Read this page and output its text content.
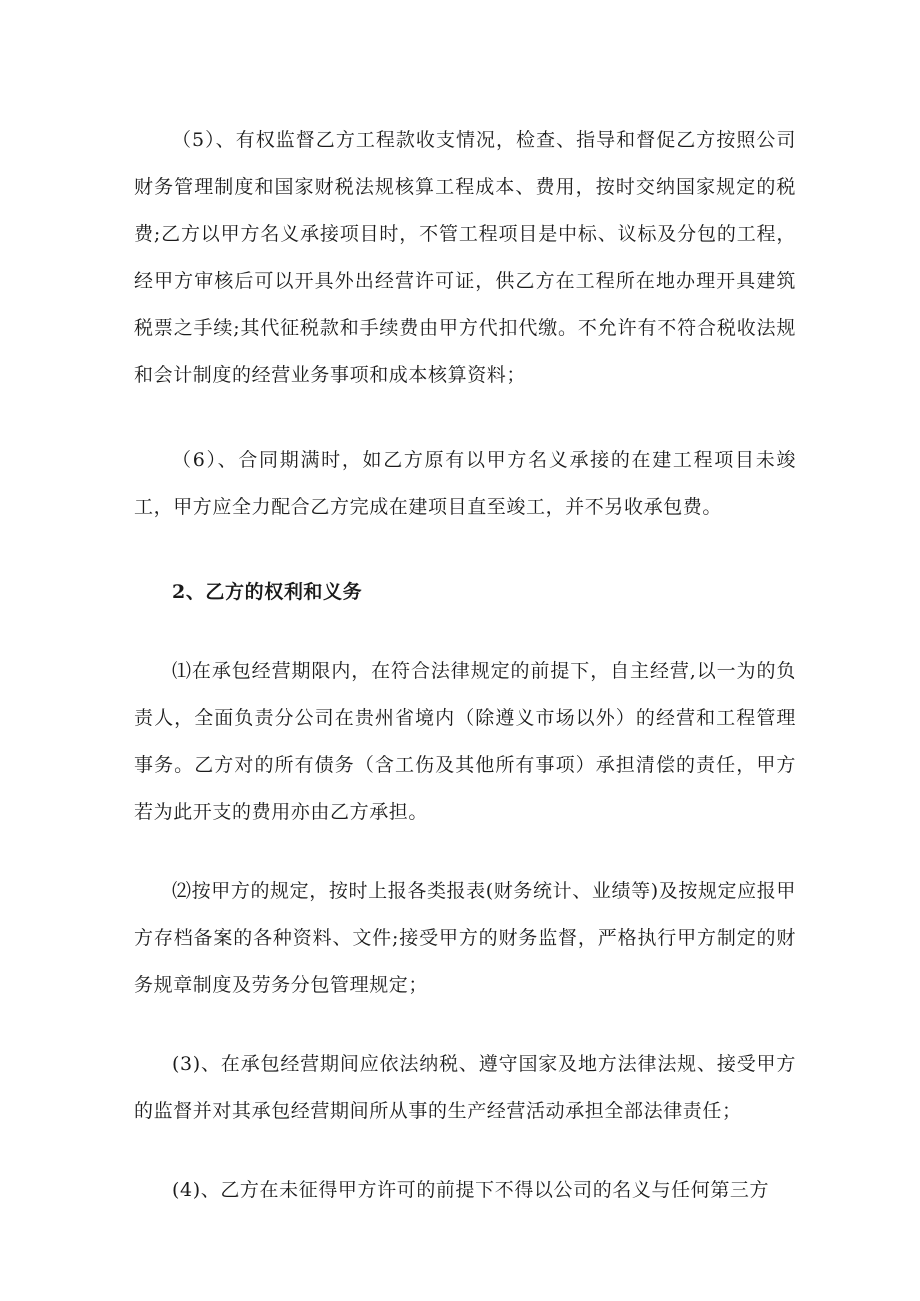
（5）、有权监督乙方工程款收支情况，检查、指导和督促乙方按照公司财务管理制度和国家财税法规核算工程成本、费用，按时交纳国家规定的税费;乙方以甲方名义承接项目时，不管工程项目是中标、议标及分包的工程，经甲方审核后可以开具外出经营许可证，供乙方在工程所在地办理开具建筑税票之手续;其代征税款和手续费由甲方代扣代缴。不允许有不符合税收法规和会计制度的经营业务事项和成本核算资料；

（6）、合同期满时，如乙方原有以甲方名义承接的在建工程项目未竣工，甲方应全力配合乙方完成在建项目直至竣工，并不另收承包费。

2、乙方的权利和义务

⑴在承包经营期限内，在符合法律规定的前提下，自主经营,以一为的负责人，全面负责分公司在贵州省境内（除遵义市场以外）的经营和工程管理事务。乙方对的所有债务（含工伤及其他所有事项）承担清偿的责任，甲方若为此开支的费用亦由乙方承担。

⑵按甲方的规定，按时上报各类报表(财务统计、业绩等)及按规定应报甲方存档备案的各种资料、文件;接受甲方的财务监督，严格执行甲方制定的财务规章制度及劳务分包管理规定；

(3)、在承包经营期间应依法纳税、遵守国家及地方法律法规、接受甲方的监督并对其承包经营期间所从事的生产经营活动承担全部法律责任；

(4)、乙方在未征得甲方许可的前提下不得以公司的名义与任何第三方
